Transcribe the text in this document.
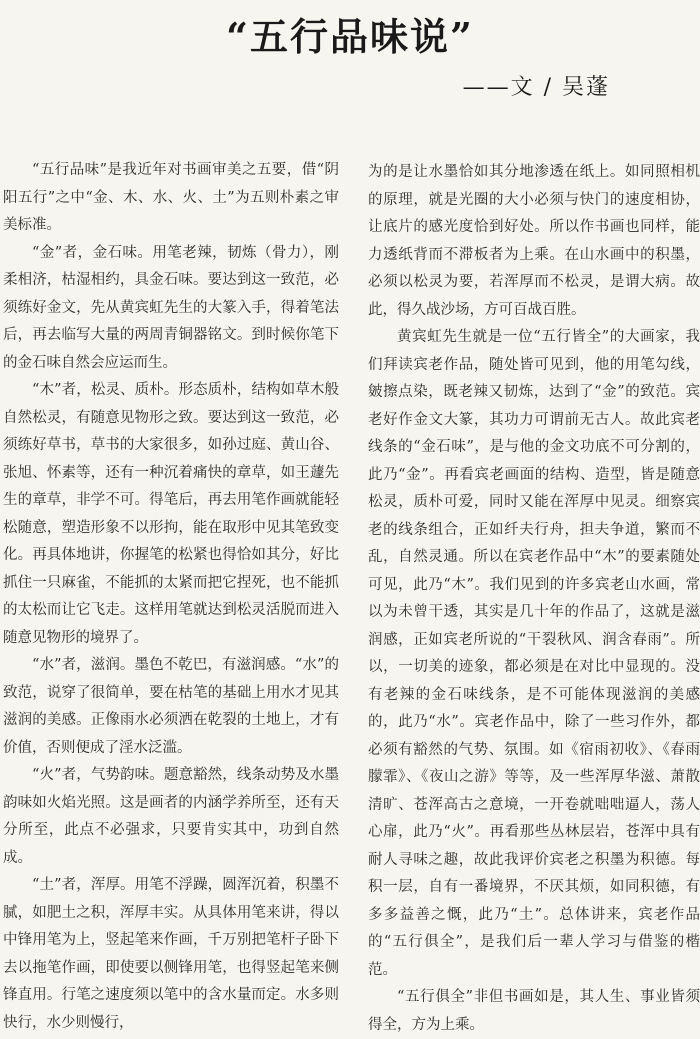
“五行品味说”
——文 / 吴蓬

“五行品味”是我近年对书画审美之五要，借“阴阳五行”之中“金、木、水、火、土”为五则朴素之审美标准。

“金”者，金石味。用笔老辣，韧炼（骨力），刚柔相济，枯湿相约，具金石味。要达到这一致范，必须练好金文，先从黄宾虹先生的大篆入手，得着笔法后，再去临写大量的两周青铜器铭文。到时候你笔下的金石味自然会应运而生。

“木”者，松灵、质朴。形态质朴，结构如草木般自然松灵，有随意见物形之致。要达到这一致范，必须练好草书，草书的大家很多，如孙过庭、黄山谷、张旭、怀素等，还有一种沉着痛快的章草，如王蘧先生的章草，非学不可。得笔后，再去用笔作画就能轻松随意，塑造形象不以形拘，能在取形中见其笔致变化。再具体地讲，你握笔的松紧也得恰如其分，好比抓住一只麻雀，不能抓的太紧而把它捏死，也不能抓的太松而让它飞走。这样用笔就达到松灵活脱而进入随意见物形的境界了。

“水”者，滋润。墨色不乾巴，有滋润感。“水”的致范，说穿了很简单，要在枯笔的基础上用水才见其滋润的美感。正像雨水必须洒在乾裂的土地上，才有价值，否则便成了淫水泛滥。

“火”者，气势韵味。题意豁然，线条动势及水墨韵味如火焰光照。这是画者的内涵学养所至，还有天分所至，此点不必强求，只要肯实其中，功到自然成。

“土”者，浑厚。用笔不浮躁，圆浑沉着，积墨不腻，如肥土之积，浑厚丰实。从具体用笔来讲，得以中锋用笔为上，竖起笔来作画，千万别把笔杆子卧下去以拖笔作画，即使要以侧锋用笔，也得竖起笔来侧锋直用。行笔之速度须以笔中的含水量而定。水多则快行，水少则慢行，

为的是让水墨恰如其分地渗透在纸上。如同照相机的原理，就是光圈的大小必须与快门的速度相协，让底片的感光度恰到好处。所以作书画也同样，能力透纸背而不滞板者为上乘。在山水画中的积墨，必须以松灵为要，若浑厚而不松灵，是谓大病。故此，得久战沙场，方可百战百胜。

黄宾虹先生就是一位“五行皆全”的大画家，我们拜读宾老作品，随处皆可见到，他的用笔勾线，皴擦点染，既老辣又韧炼，达到了“金”的致范。宾老好作金文大篆，其功力可谓前无古人。故此宾老线条的“金石味”，是与他的金文功底不可分割的，此乃“金”。再看宾老画面的结构、造型，皆是随意松灵，质朴可爱，同时又能在浑厚中见灵。细察宾老的线条组合，正如纤夫行舟，担夫争道，繁而不乱，自然灵通。所以在宾老作品中“木”的要素随处可见，此乃“木”。我们见到的许多宾老山水画，常以为未曾干透，其实是几十年的作品了，这就是滋润感，正如宾老所说的“干裂秋风、润含春雨”。所以，一切美的迹象，都必须是在对比中显现的。没有老辣的金石味线条，是不可能体现滋润的美感的，此乃“水”。宾老作品中，除了一些习作外，都必须有豁然的气势、氛围。如《宿雨初收》、《春雨朦霏》、《夜山之游》等等，及一些浑厚华滋、萧散清旷、苍浑高古之意境，一开卷就咄咄逼人，荡人心扉，此乃“火”。再看那些丛林层岩，苍浑中具有耐人寻味之趣，故此我评价宾老之积墨为积德。每积一层，自有一番境界，不厌其烦，如同积德，有多多益善之慨，此乃“土”。总体讲来，宾老作品的“五行俱全”，是我们后一辈人学习与借鉴的楷范。

“五行俱全”非但书画如是，其人生、事业皆须得全，方为上乘。
